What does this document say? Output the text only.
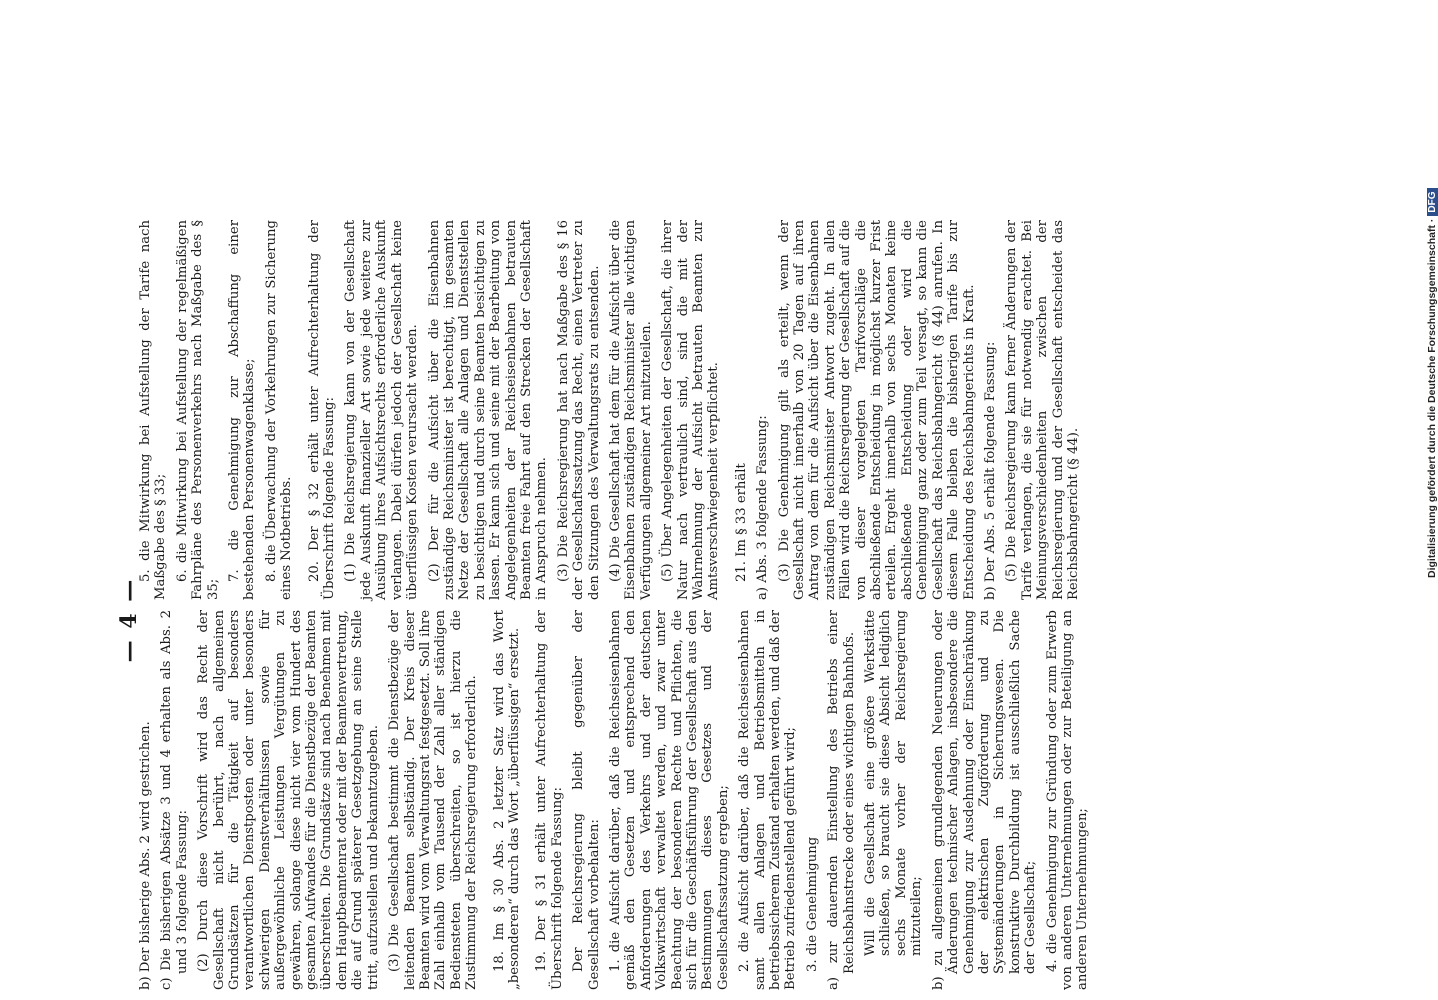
— 4 —

b) Der bisherige Abs. 2 wird gestrichen. c) Die bisherigen Absätze 3 und 4 erhalten als Abs. 2 und 3 folgende Fassung: (2) Durch diese Vorschrift wird das Recht der Gesellschaft nicht berührt, nach allgemeinen Grundsätzen für die Tätigkeit auf besonders verantwortlichen Dienstposten oder unter besonders schwierigen Dienstverhältnissen sowie für außergewöhnliche Leistungen Vergütungen zu gewähren, solange diese nicht vier vom Hundert des gesamten Aufwandes für die Dienstbezüge der Beamten überschreiten. Die Grundsätze sind nach Benehmen mit dem Hauptbeamtenrat oder mit der Beamtenvertretung, die auf Grund späterer Gesetzgebung an seine Stelle tritt, aufzustellen und bekanntzugeben. (3) Die Gesellschaft bestimmt die Dienstbezüge der leitenden Beamten selbständig. Der Kreis dieser Beamten wird vom Verwaltungsrat festgesetzt. Soll ihre Zahl einhalb vom Tausend der Zahl aller ständigen Bediensteten überschreiten, so ist hierzu die Zustimmung der Reichsregierung erforderlich. 18. Im § 30 Abs. 2 letzter Satz wird das Wort „besonderen“ durch das Wort „überflüssigen“ ersetzt. 19. Der § 31 erhält unter Aufrechterhaltung der Überschrift folgende Fassung: Der Reichsregierung bleibt gegenüber der Gesellschaft vorbehalten: 1. die Aufsicht darüber, daß die Reichseisenbahnen gemäß den Gesetzen und entsprechend den Anforderungen des Verkehrs und der deutschen Volkswirtschaft verwaltet werden, und zwar unter Beachtung der besonderen Rechte und Pflichten, die sich für die Geschäftsführung der Gesellschaft aus den Bestimmungen dieses Gesetzes und der Gesellschaftssatzung ergeben; 2. die Aufsicht darüber, daß die Reichseisenbahnen samt allen Anlagen und Betriebsmitteln in betriebssicherem Zustand erhalten werden, und daß der Betrieb zufriedenstellend geführt wird; 3. die Genehmigung a) zur dauernden Einstellung des Betriebs einer Reichsbahnstrecke oder eines wichtigen Bahnhofs. Will die Gesellschaft eine größere Werkstätte schließen, so braucht sie diese Absicht lediglich sechs Monate vorher der Reichsregierung mitzuteilen; b) zu allgemeinen grundlegenden Neuerungen oder Änderungen technischer Anlagen, insbesondere die Genehmigung zur Ausdehnung oder Einschränkung der elektrischen Zugförderung und zu Systemänderungen in Sicherungswesen. Die konstruktive Durchbildung ist ausschließlich Sache der Gesellschaft; 4. die Genehmigung zur Gründung oder zum Erwerb von anderen Unternehmungen oder zur Beteiligung an anderen Unternehmungen;

5. die Mitwirkung bei Aufstellung der Tarife nach Maßgabe des § 33; 6. die Mitwirkung bei Aufstellung der regelmäßigen Fahrpläne des Personenverkehrs nach Maßgabe des § 35;

7. die Genehmigung zur Abschaffung einer bestehenden Personenwagenklasse; 8. die Überwachung der Vorkehrungen zur Sicherung eines Notbetriebs. 20. Der § 32 erhält unter Aufrechterhaltung der Überschrift folgende Fassung: (1) Die Reichsregierung kann von der Gesellschaft jede Auskunft finanzieller Art sowie jede weitere zur Ausübung ihres Aufsichtsrechts erforderliche Auskunft verlangen. Dabei dürfen jedoch der Gesellschaft keine überflüssigen Kosten verursacht werden. (2) Der für die Aufsicht über die Eisenbahnen zuständige Reichsminister ist berechtigt, im gesamten Netze der Gesellschaft alle Anlagen und Dienststellen zu besichtigen und durch seine Beamten besichtigen zu lassen. Er kann sich und seine mit der Bearbeitung von Angelegenheiten der Reichseisenbahnen betrauten Beamten freie Fahrt auf den Strecken der Gesellschaft in Anspruch nehmen. (3) Die Reichsregierung hat nach Maßgabe des § 16 der Gesellschaftssatzung das Recht, einen Vertreter zu den Sitzungen des Verwaltungsrats zu entsenden. (4) Die Gesellschaft hat dem für die Aufsicht über die Eisenbahnen zuständigen Reichsminister alle wichtigen Verfügungen allgemeiner Art mitzuteilen. (5) Über Angelegenheiten der Gesellschaft, die ihrer Natur nach vertraulich sind, sind die mit der Wahrnehmung der Aufsicht betrauten Beamten zur Amtsverschwiegenheit verpflichtet. 21. Im § 33 erhält a) Abs. 3 folgende Fassung: (3) Die Genehmigung gilt als erteilt, wenn der Gesellschaft nicht innerhalb von 20 Tagen auf ihren Antrag von dem für die Aufsicht über die Eisenbahnen zuständigen Reichsminister Antwort zugeht. In allen Fällen wird die Reichsregierung der Gesellschaft auf die von dieser vorgelegten Tarifvorschläge die abschließende Entscheidung in möglichst kurzer Frist erteilen. Ergeht innerhalb von sechs Monaten keine abschließende Entscheidung oder wird die Genehmigung ganz oder zum Teil versagt, so kann die Gesellschaft das Reichsbahngericht (§ 44) anrufen. In diesem Falle bleiben die bisherigen Tarife bis zur Entscheidung des Reichsbahngerichts in Kraft. b) Der Abs. 5 erhält folgende Fassung: (5) Die Reichsregierung kann ferner Änderungen der Tarife verlangen, die sie für notwendig erachtet. Bei Meinungsverschiedenheiten zwischen der Reichsregierung und der Gesellschaft entscheidet das Reichsbahngericht (§ 44).	Digitalisierung gefördert durch die Deutsche Forschungsgemeinschaft ·DFG
